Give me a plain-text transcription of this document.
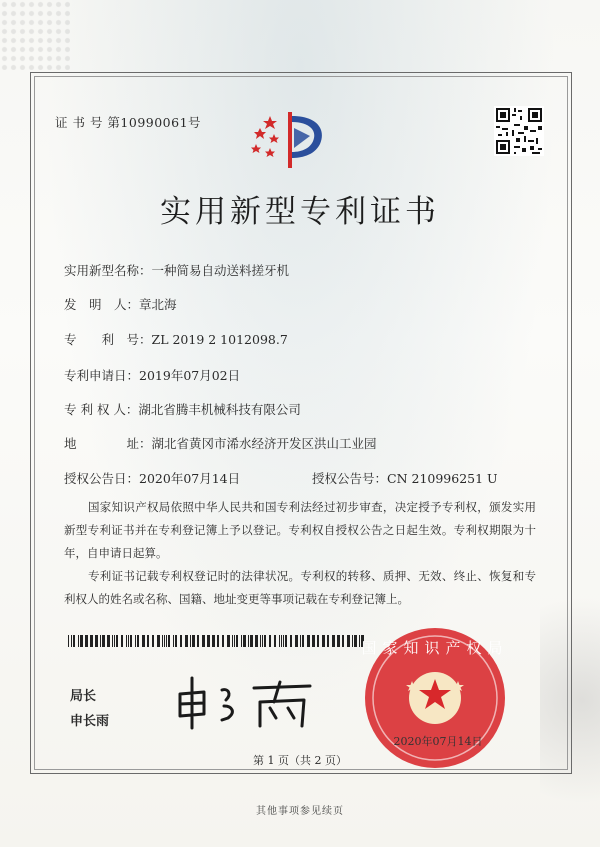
证 书 号 第10990061号
实用新型专利证书
实用新型名称：一种简易自动送料搓牙机
发　明　人：章北海
专　　利　号：ZL 2019 2 1012098.7
专利申请日：2019年07月02日
专 利 权 人：湖北省腾丰机械科技有限公司
地　　　　址：湖北省黄冈市浠水经济开发区洪山工业园
授权公告日：2020年07月14日	授权公告号：CN 210996251 U
国家知识产权局依照中华人民共和国专利法经过初步审查，决定授予专利权，颁发实用新型专利证书并在专利登记簿上予以登记。专利权自授权公告之日起生效。专利权期限为十年，自申请日起算。
专利证书记载专利权登记时的法律状况。专利权的转移、质押、无效、终止、恢复和专利权人的姓名或名称、国籍、地址变更等事项记载在专利登记簿上。
局长
申长雨
国家知识产权局
2020年07月14日
第 1 页（共 2 页）
其他事项参见续页
